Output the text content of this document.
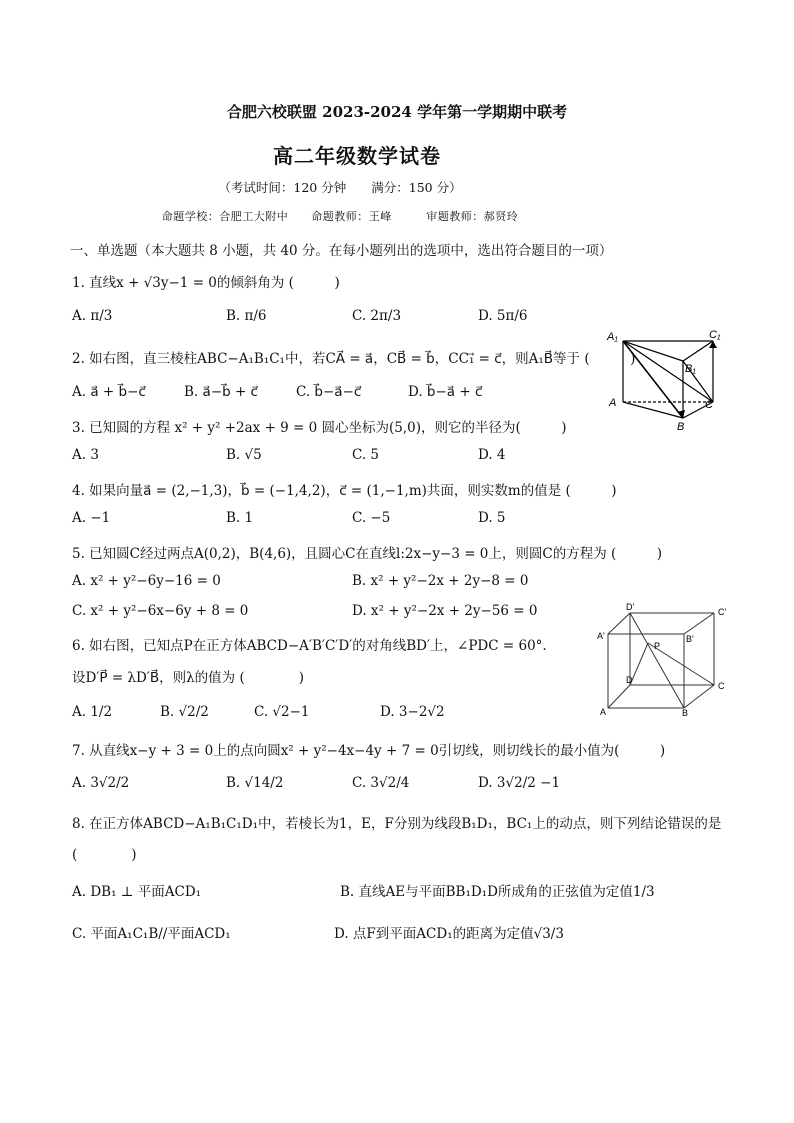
合肥六校联盟 2023-2024 学年第一学期期中联考
高二年级数学试卷
（考试时间：120 分钟　　满分：150 分）
命题学校：合肥工大附中　　命题教师：王峰　　　审题教师：郝贤玲
一、单选题（本大题共 8 小题，共 40 分。在每小题列出的选项中，选出符合题目的一项）
1. 直线x + √3y−1 = 0的倾斜角为 (　　　)
A. π/3	B. π/6	C. 2π/3	D. 5π/6
2. 如右图，直三棱柱ABC−A₁B₁C₁中，若CA⃗ = a⃗，CB⃗ = b⃗，CC₁⃗ = c⃗，则A₁B⃗等于 (　　　)
A. a⃗ + b⃗−c⃗	B. a⃗−b⃗ + c⃗	C. b⃗−a⃗−c⃗	D. b⃗−a⃗ + c⃗
A₁	C₁
B₁
A	C
B
3. 已知圆的方程 x² + y² +2ax + 9 = 0 圆心坐标为(5,0)，则它的半径为(　　　)
A. 3	B. √5	C. 5	D. 4
4. 如果向量a⃗ = (2,−1,3)，b⃗ = (−1,4,2)，c⃗ = (1,−1,m)共面，则实数m的值是 (　　　)
A. −1	B. 1	C. −5	D. 5
5. 已知圆C经过两点A(0,2)，B(4,6)，且圆心C在直线l:2x−y−3 = 0上，则圆C的方程为 (　　　)
A. x² + y²−6y−16 = 0	B. x² + y²−2x + 2y−8 = 0
C. x² + y²−6x−6y + 8 = 0	D. x² + y²−2x + 2y−56 = 0	D'	C'
A'	B'
P
D
C
A	B
6. 如右图，已知点P在正方体ABCD−A′B′C′D′的对角线BD′上，∠PDC = 60°.
设D′P⃗ = λD′B⃗，则λ的值为 (　　　　)
A. 1/2	B. √2/2	C. √2−1	D. 3−2√2
7. 从直线x−y + 3 = 0上的点向圆x² + y²−4x−4y + 7 = 0引切线，则切线长的最小值为(　　　)
A. 3√2/2	B. √14/2	C. 3√2/4	D. 3√2/2 −1
8. 在正方体ABCD−A₁B₁C₁D₁中，若棱长为1，E，F分别为线段B₁D₁，BC₁上的动点，则下列结论错误的是
(　　　　)
A. DB₁ ⊥ 平面ACD₁	B. 直线AE与平面BB₁D₁D所成角的正弦值为定值1/3
C. 平面A₁C₁B//平面ACD₁	D. 点F到平面ACD₁的距离为定值√3/3
